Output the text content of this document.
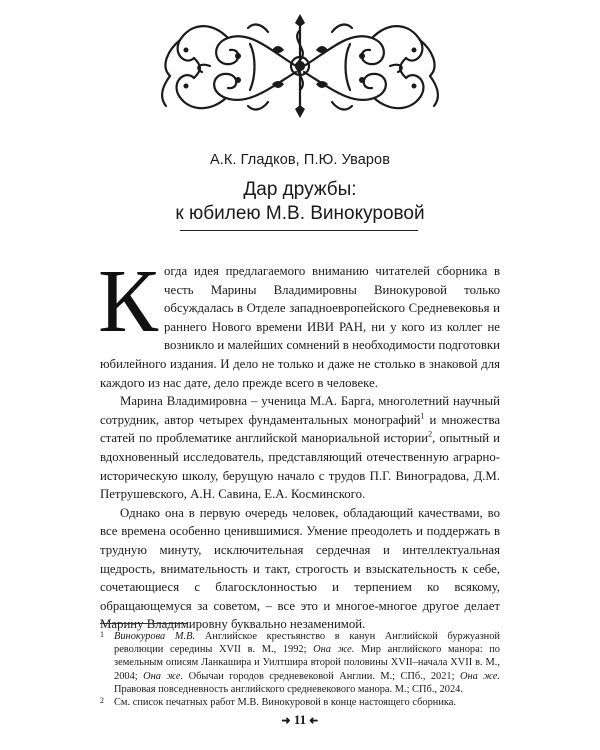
А.К. Гладков, П.Ю. Уваров
Дар дружбы:
к юбилею М.В. Винокуровой

Когда идея предлагаемого вниманию читателей сборника в честь Марины Владимировны Винокуровой только обсуждалась в Отделе западноевропейского Средневековья и раннего Нового времени ИВИ РАН, ни у кого из коллег не возникло и малейших сомнений в необходимости подготовки юбилейного издания. И дело не только и даже не столько в знаковой для каждого из нас дате, дело прежде всего в человеке.

Марина Владимировна – ученица М.А. Барга, многолетний научный сотрудник, автор четырех фундаментальных монографий$^1$ и множества статей по проблематике английской манориальной истории$^2$, опытный и вдохновенный исследователь, представляющий отечественную аграрно-историческую школу, берущую начало с трудов П.Г. Виноградова, Д.М. Петрушевского, А.Н. Савина, Е.А. Косминского.

Однако она в первую очередь человек, обладающий качествами, во все времена особенно ценившимися. Умение преодолеть и поддержать в трудную минуту, исключительная сердечная и интеллектуальная щедрость, внимательность и такт, строгость и взыскательность к себе, сочетающиеся с благосклонностью и терпением ко всякому, обращающемуся за советом, – все это и многое-многое другое делает Марину Владимировну буквально незаменимой.

1 Винокурова М.В. Английское крестьянство в канун Английской буржуазной революции середины XVII в. М., 1992; Она же. Мир английского манора: по земельным описям Ланкашира и Уилтшира второй половины XVII–начала XVII в. М., 2004; Она же. Обычаи городов средневековой Англии. М.; СПб., 2021; Она же. Правовая повседневность английского средневекового манора. М.; СПб., 2024.

2 См. список печатных работ М.В. Винокуровой в конце настоящего сборника.

➜ 11 ➜
